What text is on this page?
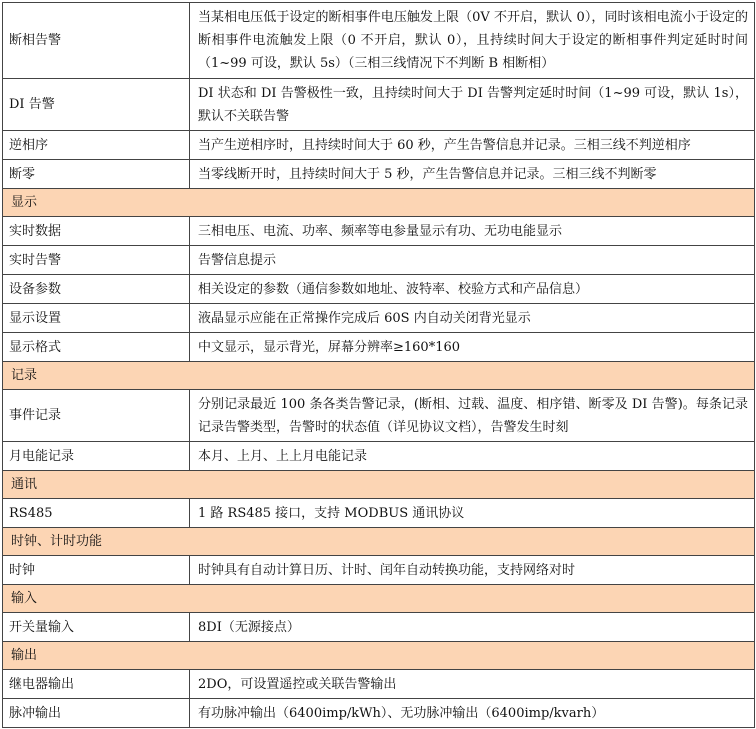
断相告警	当某相电压低于设定的断相事件电压触发上限（0V 不开启，默认 0），同时该相电流小于设定的断相事件电流触发上限（0 不开启，默认 0），且持续时间大于设定的断相事件判定延时时间（1~99 可设，默认 5s）（三相三线情况下不判断 B 相断相）
DI 告警	DI 状态和 DI 告警极性一致，且持续时间大于 DI 告警判定延时时间（1~99 可设，默认 1s），默认不关联告警
逆相序	当产生逆相序时，且持续时间大于 60 秒，产生告警信息并记录。三相三线不判逆相序
断零	当零线断开时，且持续时间大于 5 秒，产生告警信息并记录。三相三线不判断零
显示	
实时数据	三相电压、电流、功率、频率等电参量显示有功、无功电能显示
实时告警	告警信息提示
设备参数	相关设定的参数（通信参数如地址、波特率、校验方式和产品信息）
显示设置	液晶显示应能在正常操作完成后 60S 内自动关闭背光显示
显示格式	中文显示，显示背光，屏幕分辨率≥160*160
记录	
事件记录	分别记录最近 100 条各类告警记录，(断相、过载、温度、相序错、断零及 DI 告警)。每条记录记录告警类型，告警时的状态值（详见协议文档），告警发生时刻
月电能记录	本月、上月、上上月电能记录
通讯	
RS485	1 路 RS485 接口，支持 MODBUS 通讯协议
时钟、计时功能	
时钟	时钟具有自动计算日历、计时、闰年自动转换功能，支持网络对时
输入	
开关量输入	8DI（无源接点）
输出	
继电器输出	2DO，可设置遥控或关联告警输出
脉冲输出	有功脉冲输出（6400imp/kWh）、无功脉冲输出（6400imp/kvarh）
